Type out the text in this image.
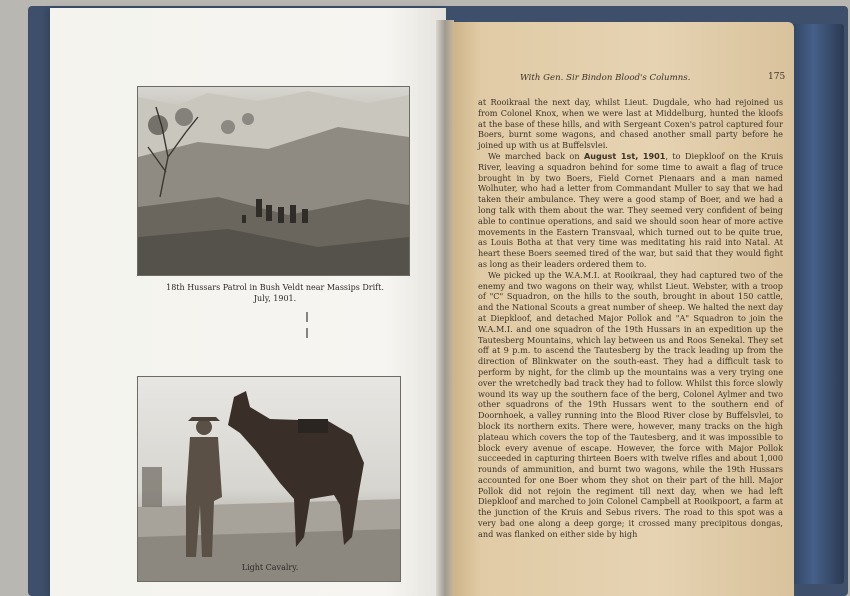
18th Hussars Patrol in Bush Veldt near Massips Drift.
July, 1901.
Light Cavalry.
With Gen. Sir Bindon Blood's Columns.	175

at Rooikraal the next day, whilst Lieut. Dugdale, who had rejoined us from Colonel Knox, when we were last at Middelburg, hunted the kloofs at the base of these hills, and with Sergeant Coxen's patrol captured four Boers, burnt some wagons, and chased another small party before he joined up with us at Buffelsvlei.

We marched back on August 1st, 1901, to Diepkloof on the Kruis River, leaving a squadron behind for some time to await a flag of truce brought in by two Boers, Field Cornet Pienaars and a man named Wolhuter, who had a letter from Commandant Muller to say that we had taken their ambulance. They were a good stamp of Boer, and we had a long talk with them about the war. They seemed very confident of being able to continue operations, and said we should soon hear of more active movements in the Eastern Transvaal, which turned out to be quite true, as Louis Botha at that very time was meditating his raid into Natal. At heart these Boers seemed tired of the war, but said that they would fight as long as their leaders ordered them to.

We picked up the W.A.M.I. at Rooikraal, they had captured two of the enemy and two wagons on their way, whilst Lieut. Webster, with a troop of "C" Squadron, on the hills to the south, brought in about 150 cattle, and the National Scouts a great number of sheep. We halted the next day at Diepkloof, and detached Major Pollok and "A" Squadron to join the W.A.M.I. and one squadron of the 19th Hussars in an expedition up the Tautesberg Mountains, which lay between us and Roos Senekal. They set off at 9 p.m. to ascend the Tautesberg by the track leading up from the direction of Blinkwater on the south-east. They had a difficult task to perform by night, for the climb up the mountains was a very trying one over the wretchedly bad track they had to follow. Whilst this force slowly wound its way up the southern face of the berg, Colonel Aylmer and two other squadrons of the 19th Hussars went to the southern end of Doornhoek, a valley running into the Blood River close by Buffelsvlei, to block its northern exits. There were, however, many tracks on the high plateau which covers the top of the Tautesberg, and it was impossible to block every avenue of escape. However, the force with Major Pollok succeeded in capturing thirteen Boers with twelve rifles and about 1,000 rounds of ammunition, and burnt two wagons, while the 19th Hussars accounted for one Boer whom they shot on their part of the hill. Major Pollok did not rejoin the regiment till next day, when we had left Diepkloof and marched to join Colonel Campbell at Rooikpoort, a farm at the junction of the Kruis and Sebus rivers. The road to this spot was a very bad one along a deep gorge; it crossed many precipitous dongas, and was flanked on either side by high
